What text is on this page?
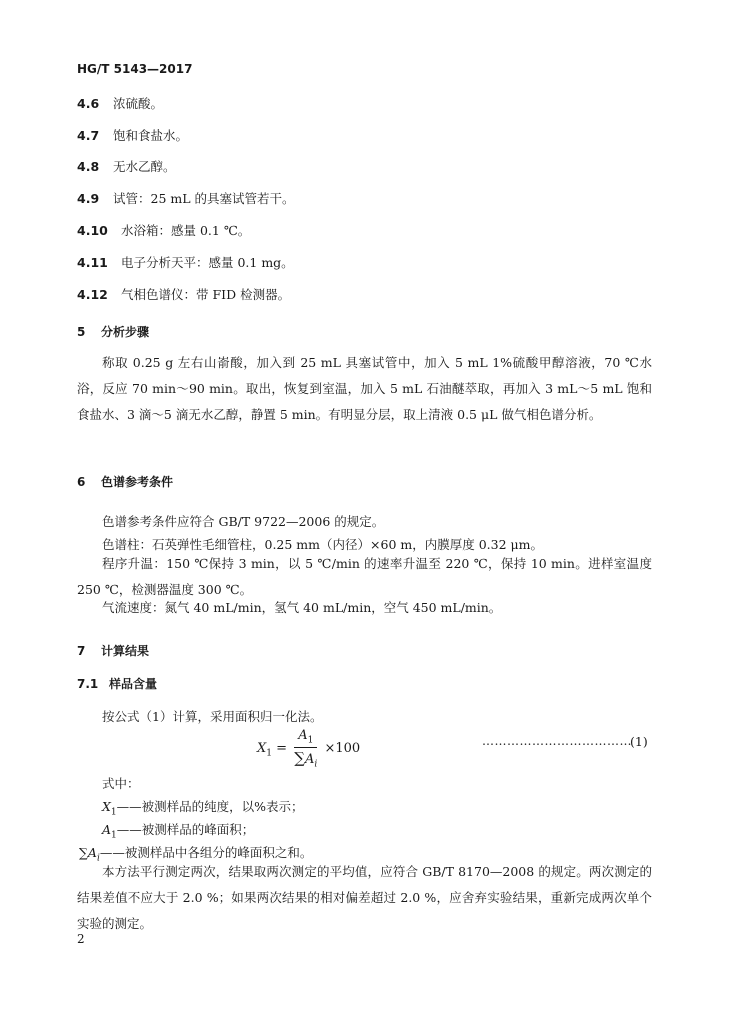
HG/T 5143—2017
4.6 浓硫酸。
4.7 饱和食盐水。
4.8 无水乙醇。
4.9 试管：25 mL 的具塞试管若干。
4.10 水浴箱：感量 0.1 ℃。
4.11 电子分析天平：感量 0.1 mg。
4.12 气相色谱仪：带 FID 检测器。
5 分析步骤
称取 0.25 g 左右山嵛酸，加入到 25 mL 具塞试管中，加入 5 mL 1%硫酸甲醇溶液，70 ℃水浴，反应 70 min～90 min。取出，恢复到室温，加入 5 mL 石油醚萃取，再加入 3 mL～5 mL 饱和食盐水、3 滴～5 滴无水乙醇，静置 5 min。有明显分层，取上清液 0.5 μL 做气相色谱分析。
6 色谱参考条件
色谱参考条件应符合 GB/T 9722—2006 的规定。
色谱柱：石英弹性毛细管柱，0.25 mm（内径）×60 m，内膜厚度 0.32 μm。
程序升温：150 ℃保持 3 min，以 5 ℃/min 的速率升温至 220 ℃，保持 10 min。进样室温度 250 ℃，检测器温度 300 ℃。
气流速度：氮气 40 mL/min，氢气 40 mL/min，空气 450 mL/min。
7 计算结果
7.1 样品含量
按公式（1）计算，采用面积归一化法。
$X_1 = \frac{A_1}{\sum A_i} \times 100$
………………………………
(1)
式中：
$X_1——$被测样品的纯度，以%表示；
$A_1——$被测样品的峰面积；
$\sum A_i——$被测样品中各组分的峰面积之和。
本方法平行测定两次，结果取两次测定的平均值，应符合 GB/T 8170—2008 的规定。两次测定的结果差值不应大于 2.0 %；如果两次结果的相对偏差超过 2.0 %，应舍弃实验结果，重新完成两次单个实验的测定。
2
